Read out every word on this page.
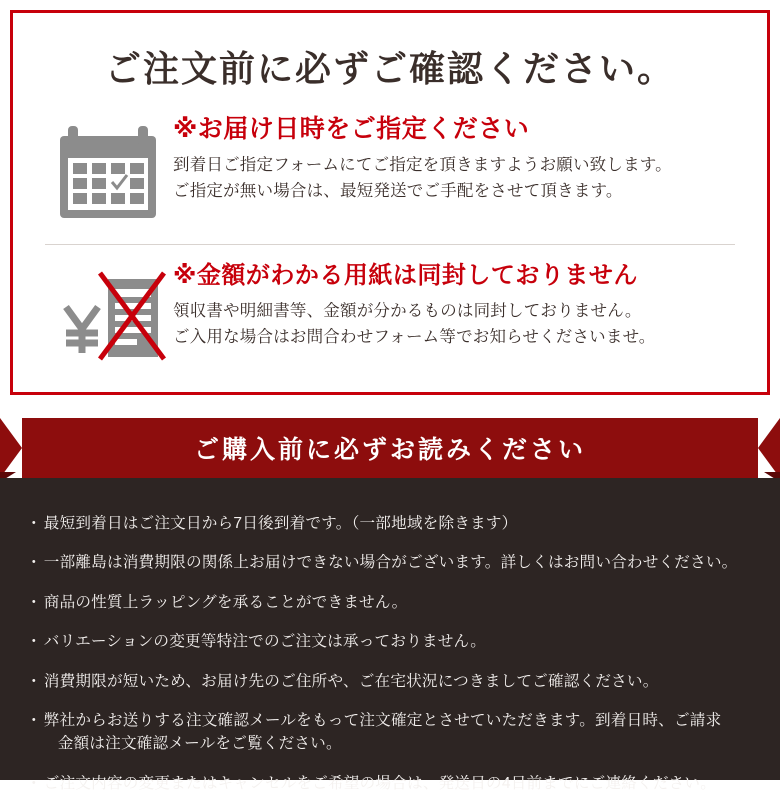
ご注文前に必ずご確認ください。
※お届け日時をご指定ください
到着日ご指定フォームにてご指定を頂きますようお願い致します。
ご指定が無い場合は、最短発送でご手配をさせて頂きます。
※金額がわかる用紙は同封しておりません
領収書や明細書等、金額が分かるものは同封しておりません。
ご入用な場合はお問合わせフォーム等でお知らせくださいませ。
ご購入前に必ずお読みください
・ 最短到着日はご注文日から7日後到着です。（一部地域を除きます）
・ 一部離島は消費期限の関係上お届けできない場合がございます。詳しくはお問い合わせください。
・ 商品の性質上ラッピングを承ることができません。
・ バリエーションの変更等特注でのご注文は承っておりません。
・ 消費期限が短いため、お届け先のご住所や、ご在宅状況につきましてご確認ください。
・ 弊社からお送りする注文確認メールをもって注文確定とさせていただきます。到着日時、ご請求
金額は注文確認メールをご覧ください。
・ ご注文内容の変更またはキャンセルをご希望の場合は、発送日の4日前までにご連絡ください。
